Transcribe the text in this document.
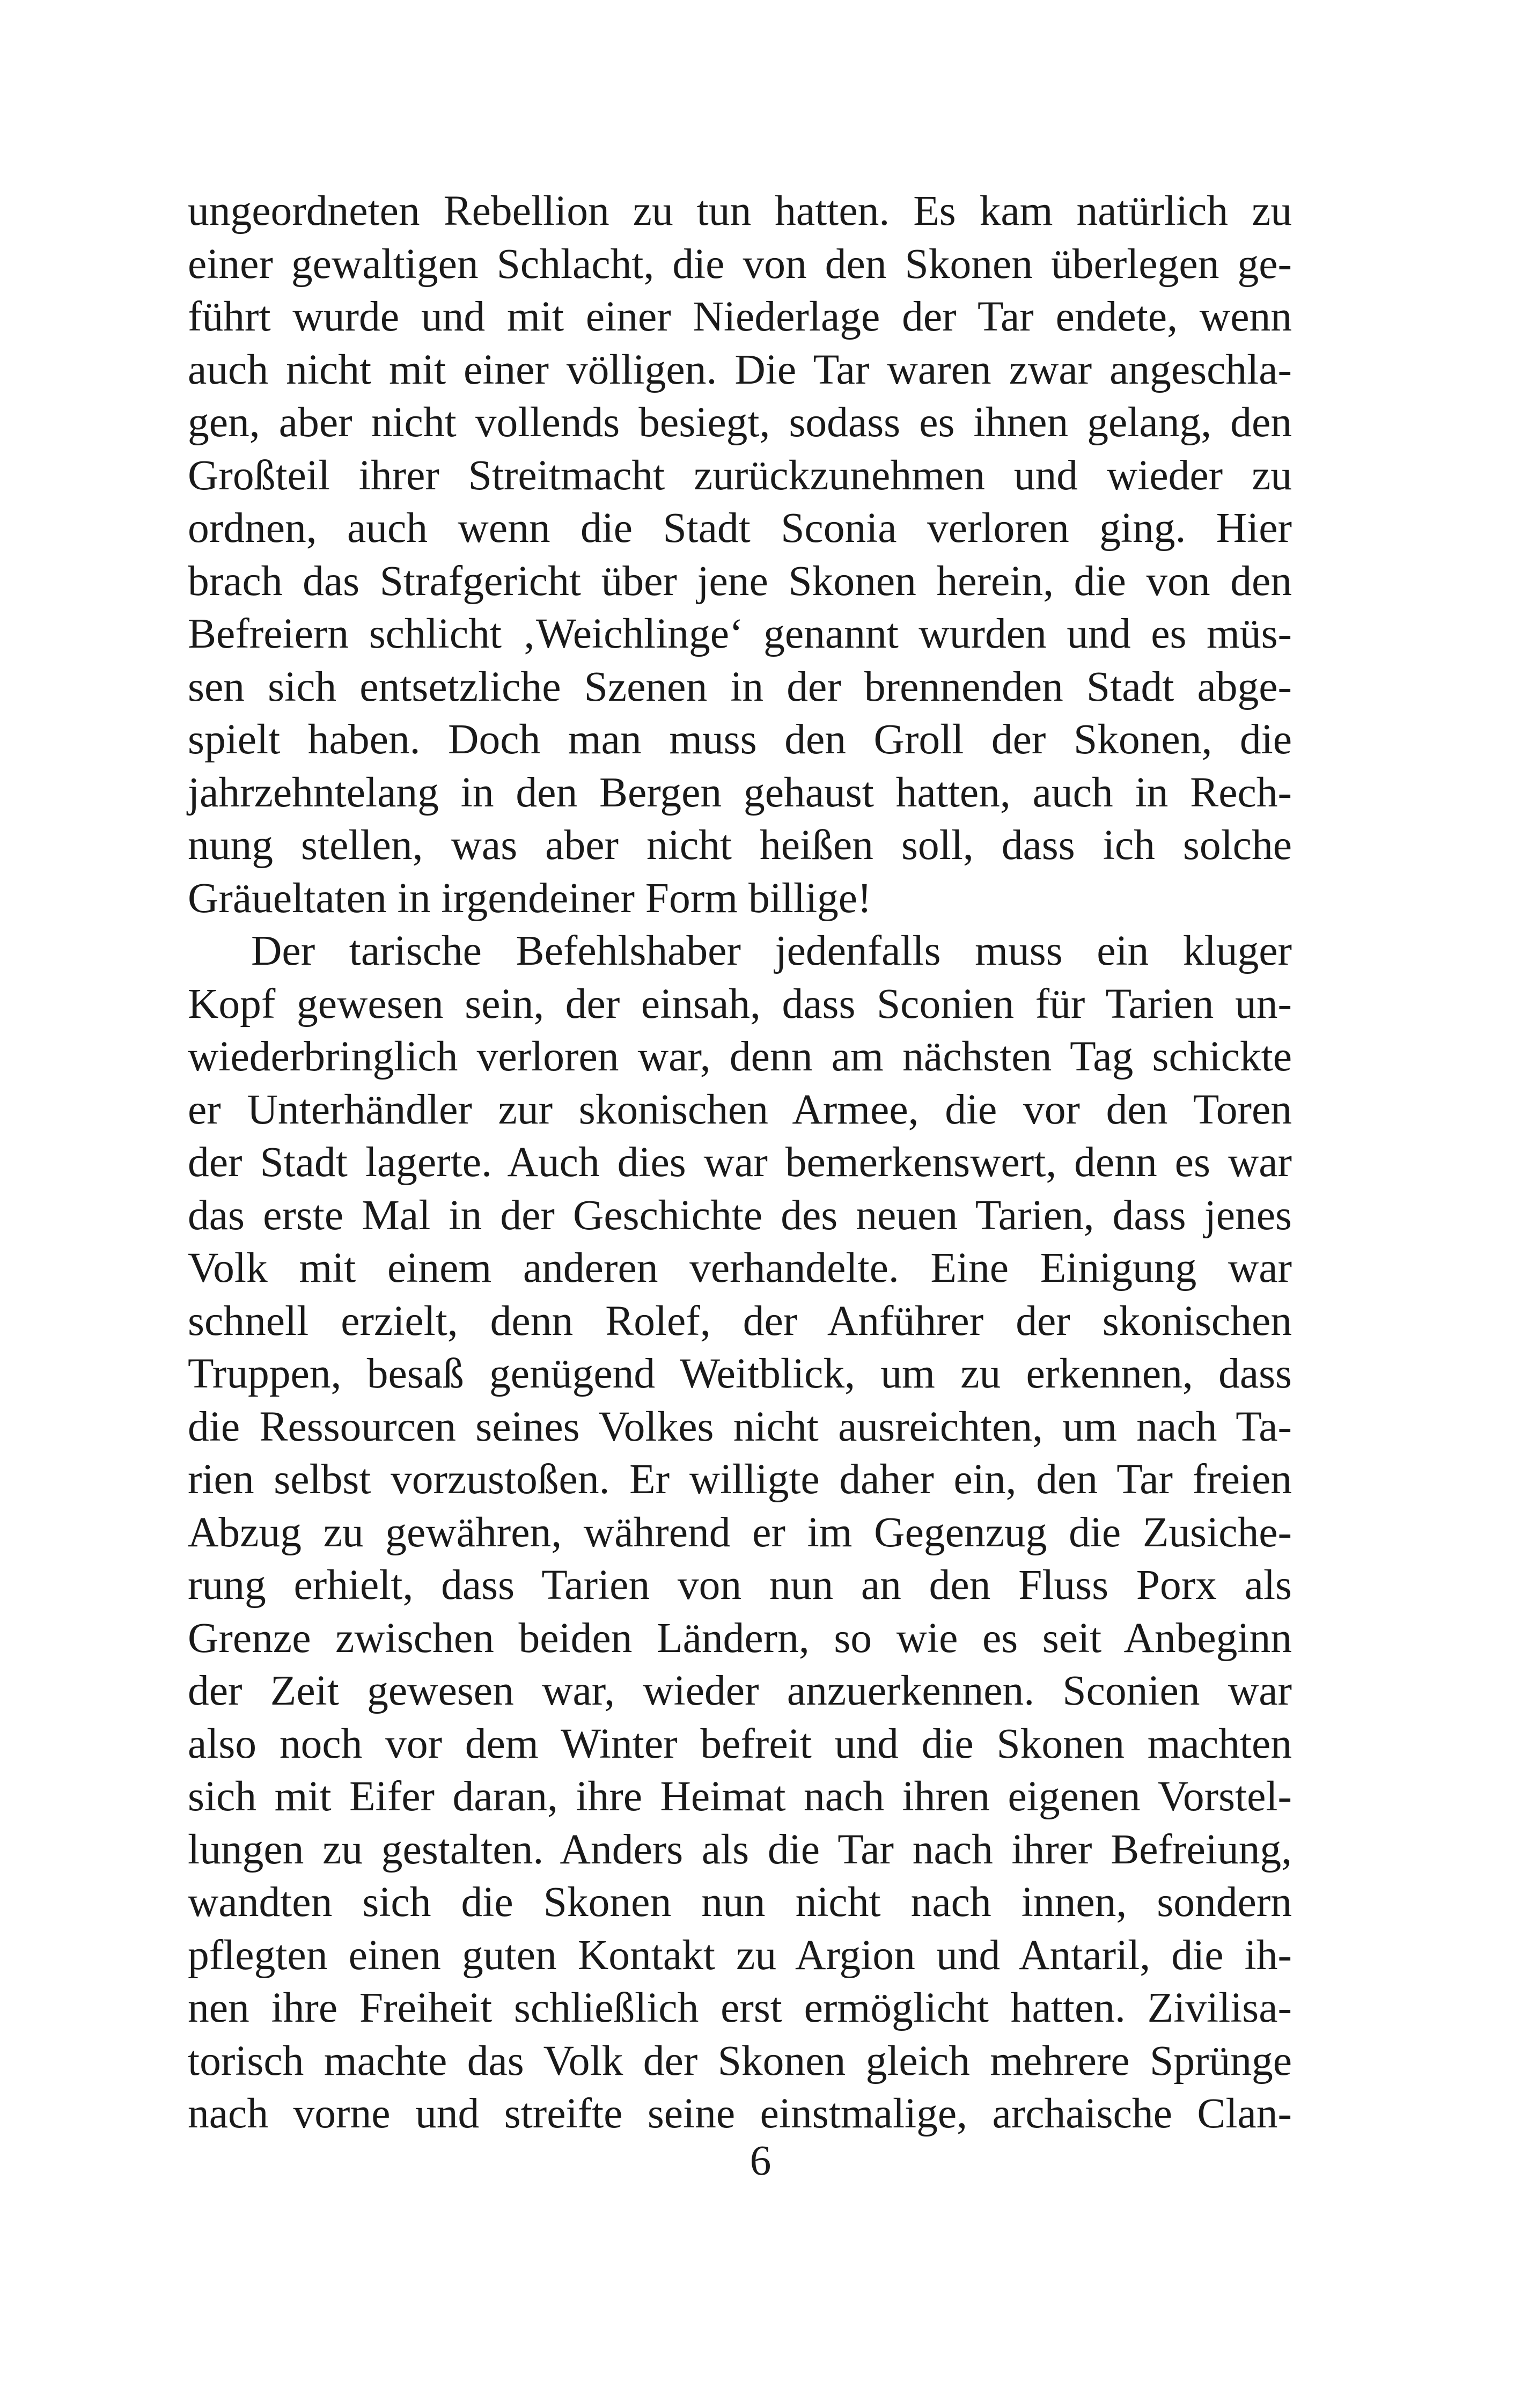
ungeordneten Rebellion zu tun hatten. Es kam natürlich zu
einer gewaltigen Schlacht, die von den Skonen überlegen ge-
führt wurde und mit einer Niederlage der Tar endete, wenn
auch nicht mit einer völligen. Die Tar waren zwar angeschla-
gen, aber nicht vollends besiegt, sodass es ihnen gelang, den
Großteil ihrer Streitmacht zurückzunehmen und wieder zu
ordnen, auch wenn die Stadt Sconia verloren ging. Hier
brach das Strafgericht über jene Skonen herein, die von den
Befreiern schlicht ‚Weichlinge‘ genannt wurden und es müs-
sen sich entsetzliche Szenen in der brennenden Stadt abge-
spielt haben. Doch man muss den Groll der Skonen, die
jahrzehntelang in den Bergen gehaust hatten, auch in Rech-
nung stellen, was aber nicht heißen soll, dass ich solche
Gräueltaten in irgendeiner Form billige!
Der tarische Befehlshaber jedenfalls muss ein kluger
Kopf gewesen sein, der einsah, dass Sconien für Tarien un-
wiederbringlich verloren war, denn am nächsten Tag schickte
er Unterhändler zur skonischen Armee, die vor den Toren
der Stadt lagerte. Auch dies war bemerkenswert, denn es war
das erste Mal in der Geschichte des neuen Tarien, dass jenes
Volk mit einem anderen verhandelte. Eine Einigung war
schnell erzielt, denn Rolef, der Anführer der skonischen
Truppen, besaß genügend Weitblick, um zu erkennen, dass
die Ressourcen seines Volkes nicht ausreichten, um nach Ta-
rien selbst vorzustoßen. Er willigte daher ein, den Tar freien
Abzug zu gewähren, während er im Gegenzug die Zusiche-
rung erhielt, dass Tarien von nun an den Fluss Porx als
Grenze zwischen beiden Ländern, so wie es seit Anbeginn
der Zeit gewesen war, wieder anzuerkennen. Sconien war
also noch vor dem Winter befreit und die Skonen machten
sich mit Eifer daran, ihre Heimat nach ihren eigenen Vorstel-
lungen zu gestalten. Anders als die Tar nach ihrer Befreiung,
wandten sich die Skonen nun nicht nach innen, sondern
pflegten einen guten Kontakt zu Argion und Antaril, die ih-
nen ihre Freiheit schließlich erst ermöglicht hatten. Zivilisa-
torisch machte das Volk der Skonen gleich mehrere Sprünge
nach vorne und streifte seine einstmalige, archaische Clan-
6
